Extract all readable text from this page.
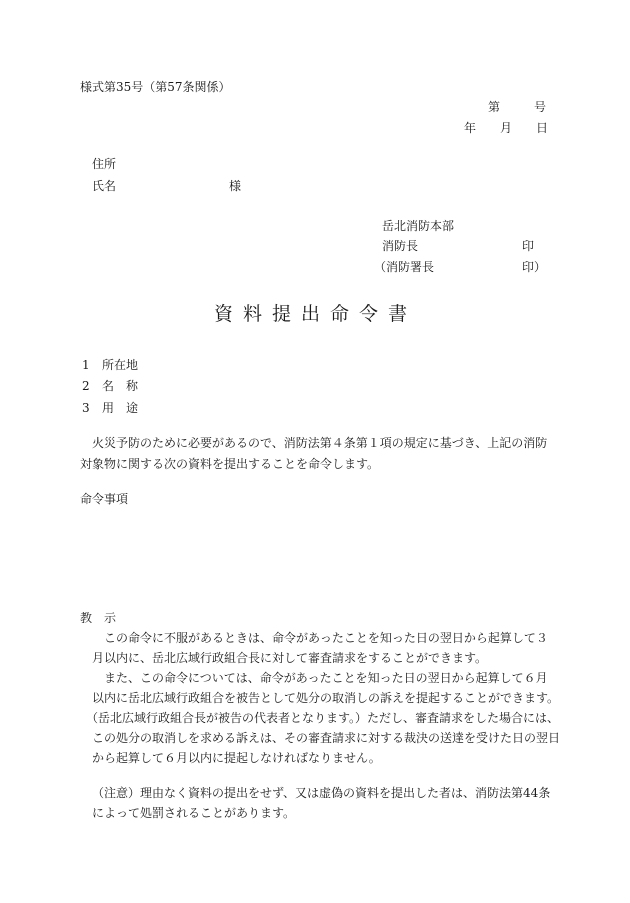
様式第35号（第57条関係）
第	号
年 月 日
住所
氏名	様
岳北消防本部
消防長	印
（消防署長	印）
資料提出命令書
1 所在地
2 名　称
3 用　途
火災予防のために必要があるので、消防法第４条第１項の規定に基づき、上記の消防
対象物に関する次の資料を提出することを命令します。
命令事項
教　示
この命令に不服があるときは、命令があったことを知った日の翌日から起算して３
月以内に、岳北広域行政組合長に対して審査請求をすることができます。
また、この命令については、命令があったことを知った日の翌日から起算して６月
以内に岳北広域行政組合を被告として処分の取消しの訴えを提起することができます。
（岳北広域行政組合長が被告の代表者となります。）ただし、審査請求をした場合には、
この処分の取消しを求める訴えは、その審査請求に対する裁決の送達を受けた日の翌日
から起算して６月以内に提起しなければなりません。
（注意）理由なく資料の提出をせず、又は虚偽の資料を提出した者は、消防法第44条
によって処罰されることがあります。
